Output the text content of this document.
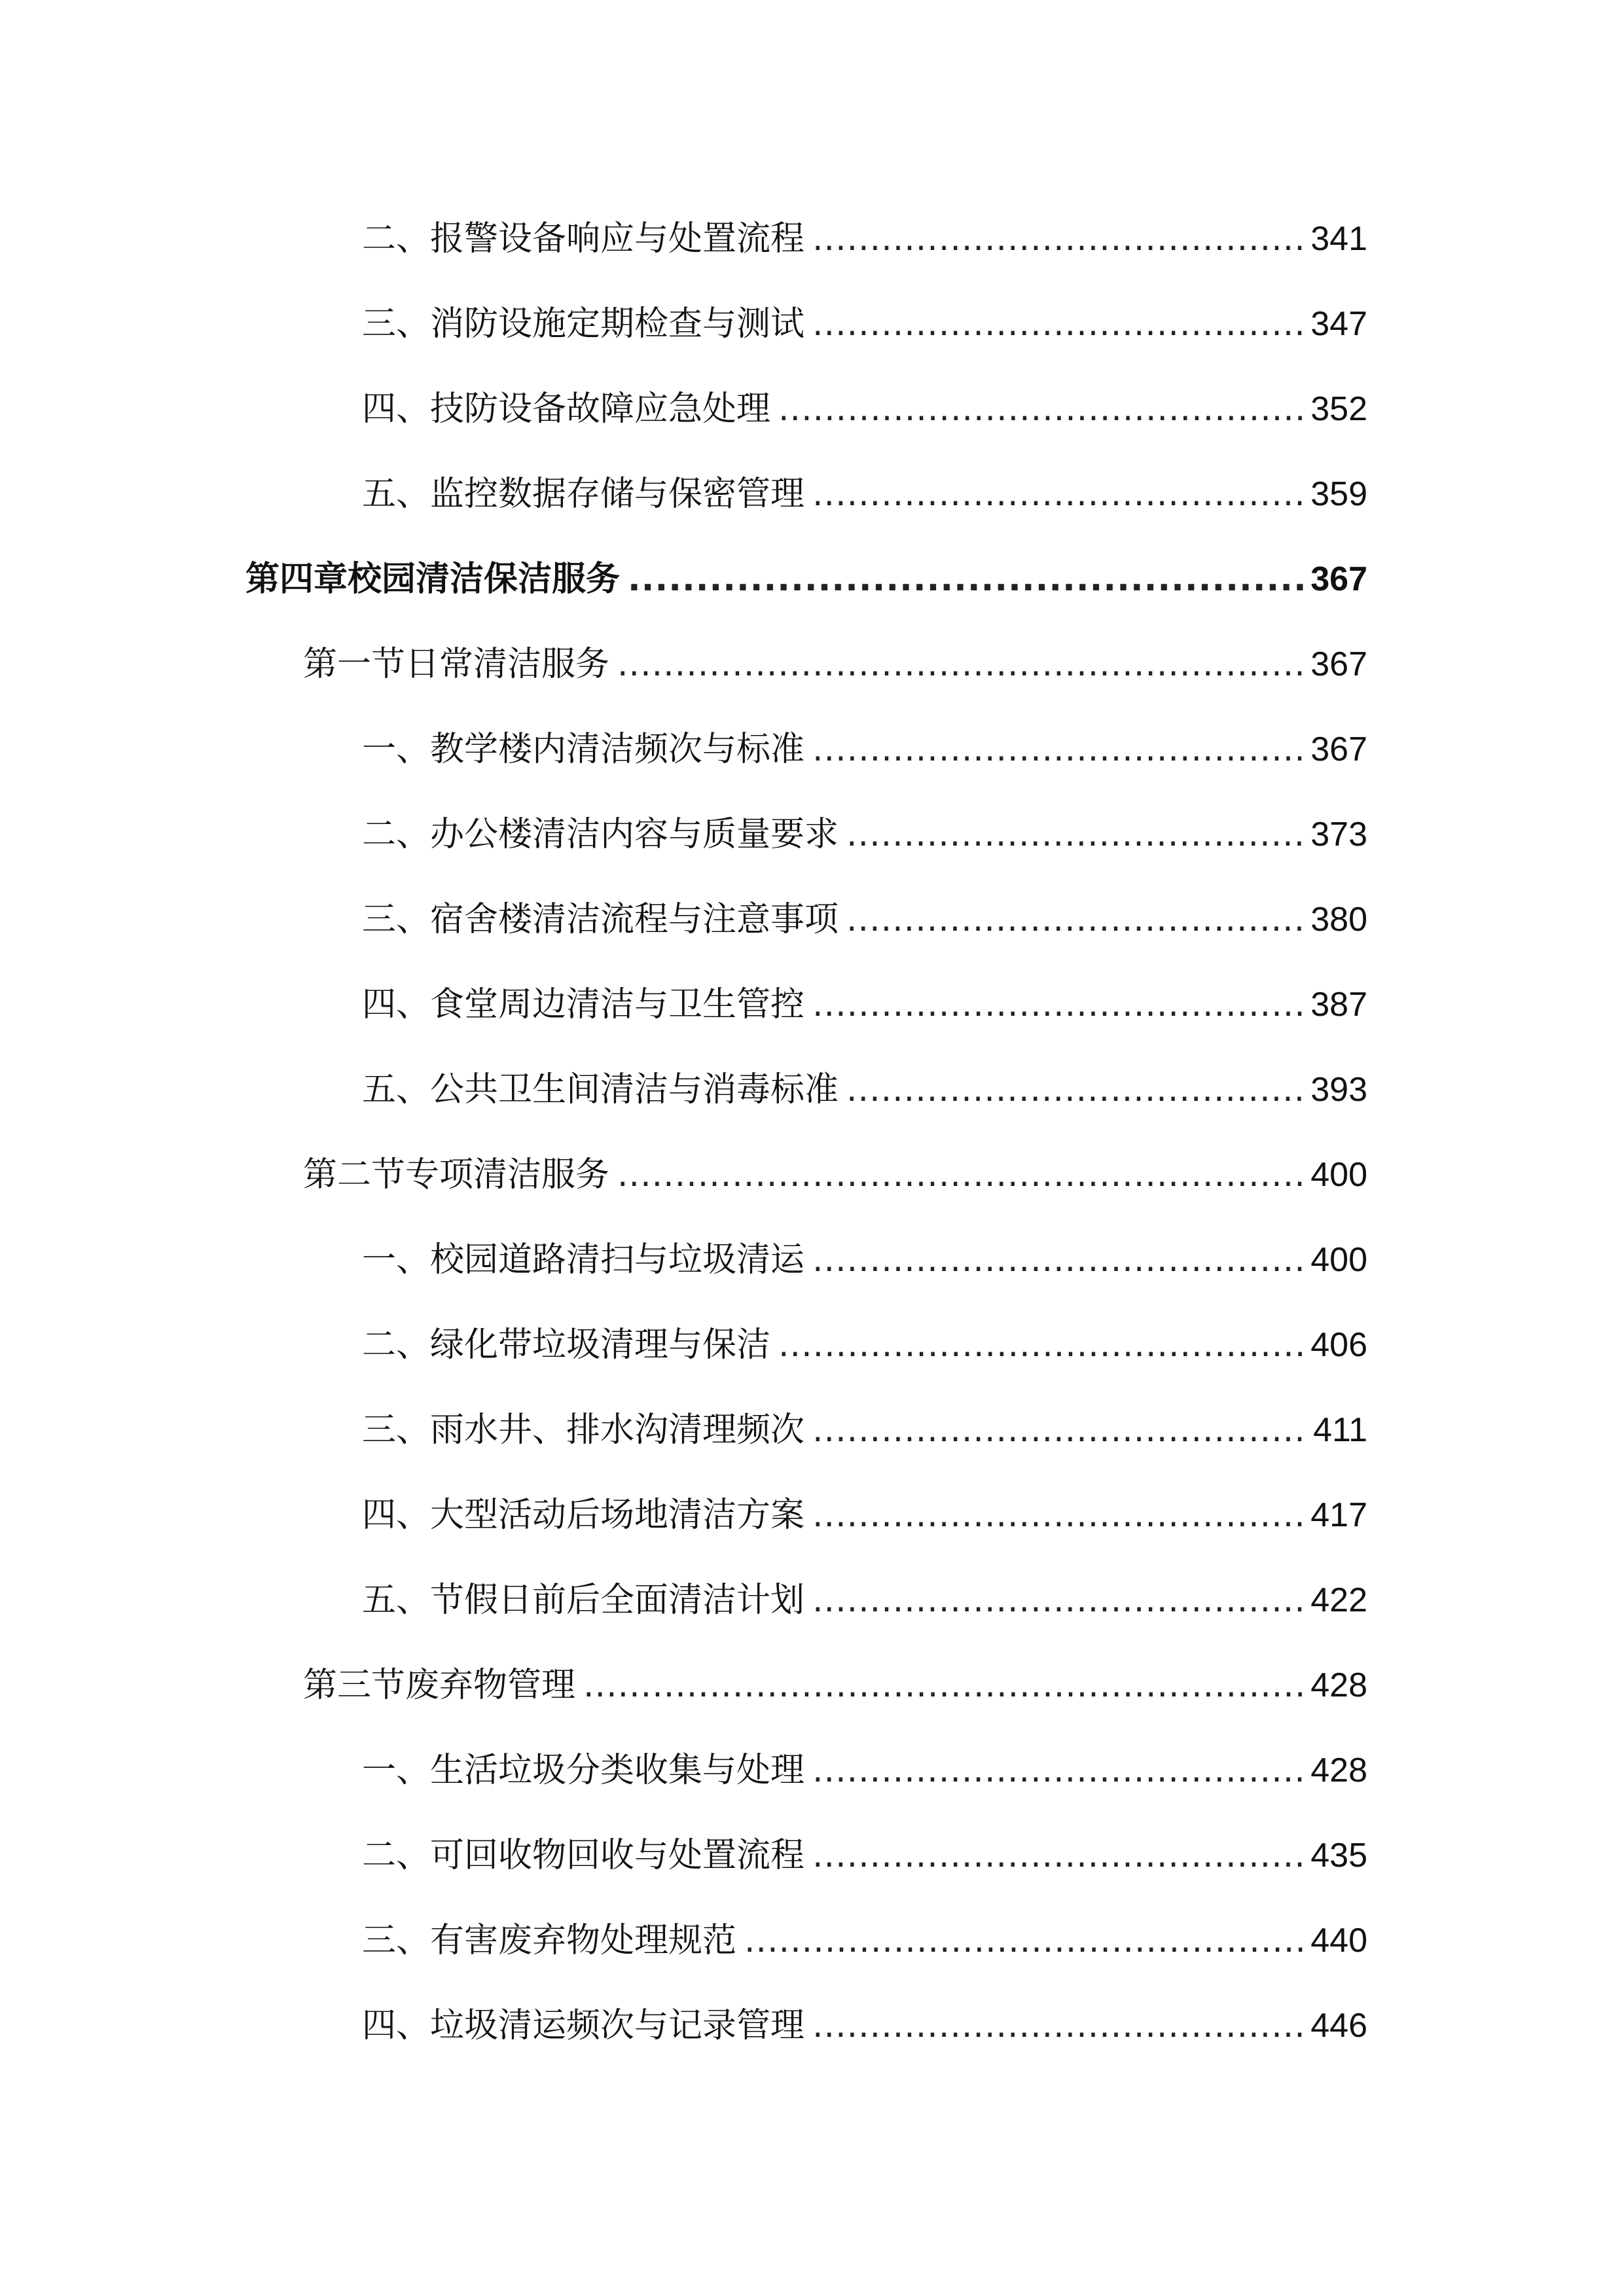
二、报警设备响应与处置流程 .....	341
三、消防设施定期检查与测试 .....	347
四、技防设备故障应急处理 .....	352
五、监控数据存储与保密管理 .....	359
第四章校园清洁保洁服务 .....	367
第一节日常清洁服务 .....	367
一、教学楼内清洁频次与标准 .....	367
二、办公楼清洁内容与质量要求 .....	373
三、宿舍楼清洁流程与注意事项 .....	380
四、食堂周边清洁与卫生管控 .....	387
五、公共卫生间清洁与消毒标准 .....	393
第二节专项清洁服务 .....	400
一、校园道路清扫与垃圾清运 .....	400
二、绿化带垃圾清理与保洁 .....	406
三、雨水井、排水沟清理频次 .....	411
四、大型活动后场地清洁方案 .....	417
五、节假日前后全面清洁计划 .....	422
第三节废弃物管理 .....	428
一、生活垃圾分类收集与处理 .....	428
二、可回收物回收与处置流程 .....	435
三、有害废弃物处理规范 .....	440
四、垃圾清运频次与记录管理 .....	446
